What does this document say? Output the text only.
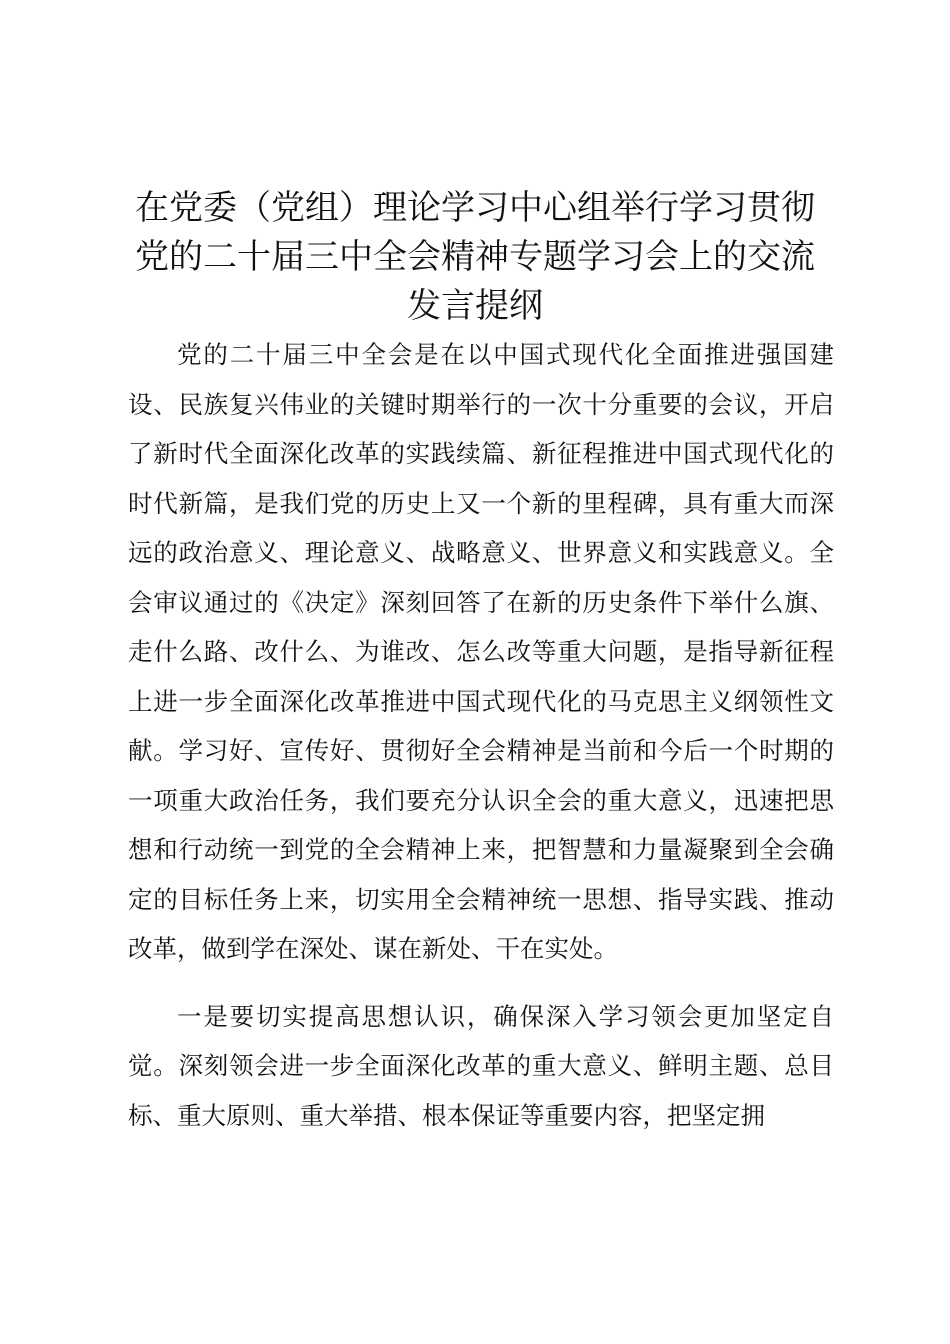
在党委（党组）理论学习中心组举行学习贯彻
党的二十届三中全会精神专题学习会上的交流
发言提纲

党的二十届三中全会是在以中国式现代化全面推进强国建设、民族复兴伟业的关键时期举行的一次十分重要的会议，开启了新时代全面深化改革的实践续篇、新征程推进中国式现代化的时代新篇，是我们党的历史上又一个新的里程碑，具有重大而深远的政治意义、理论意义、战略意义、世界意义和实践意义。全会审议通过的《决定》深刻回答了在新的历史条件下举什么旗、走什么路、改什么、为谁改、怎么改等重大问题，是指导新征程上进一步全面深化改革推进中国式现代化的马克思主义纲领性文献。学习好、宣传好、贯彻好全会精神是当前和今后一个时期的一项重大政治任务，我们要充分认识全会的重大意义，迅速把思想和行动统一到党的全会精神上来，把智慧和力量凝聚到全会确定的目标任务上来，切实用全会精神统一思想、指导实践、推动改革，做到学在深处、谋在新处、干在实处。

一是要切实提高思想认识，确保深入学习领会更加坚定自觉。深刻领会进一步全面深化改革的重大意义、鲜明主题、总目标、重大原则、重大举措、根本保证等重要内容，把坚定拥
